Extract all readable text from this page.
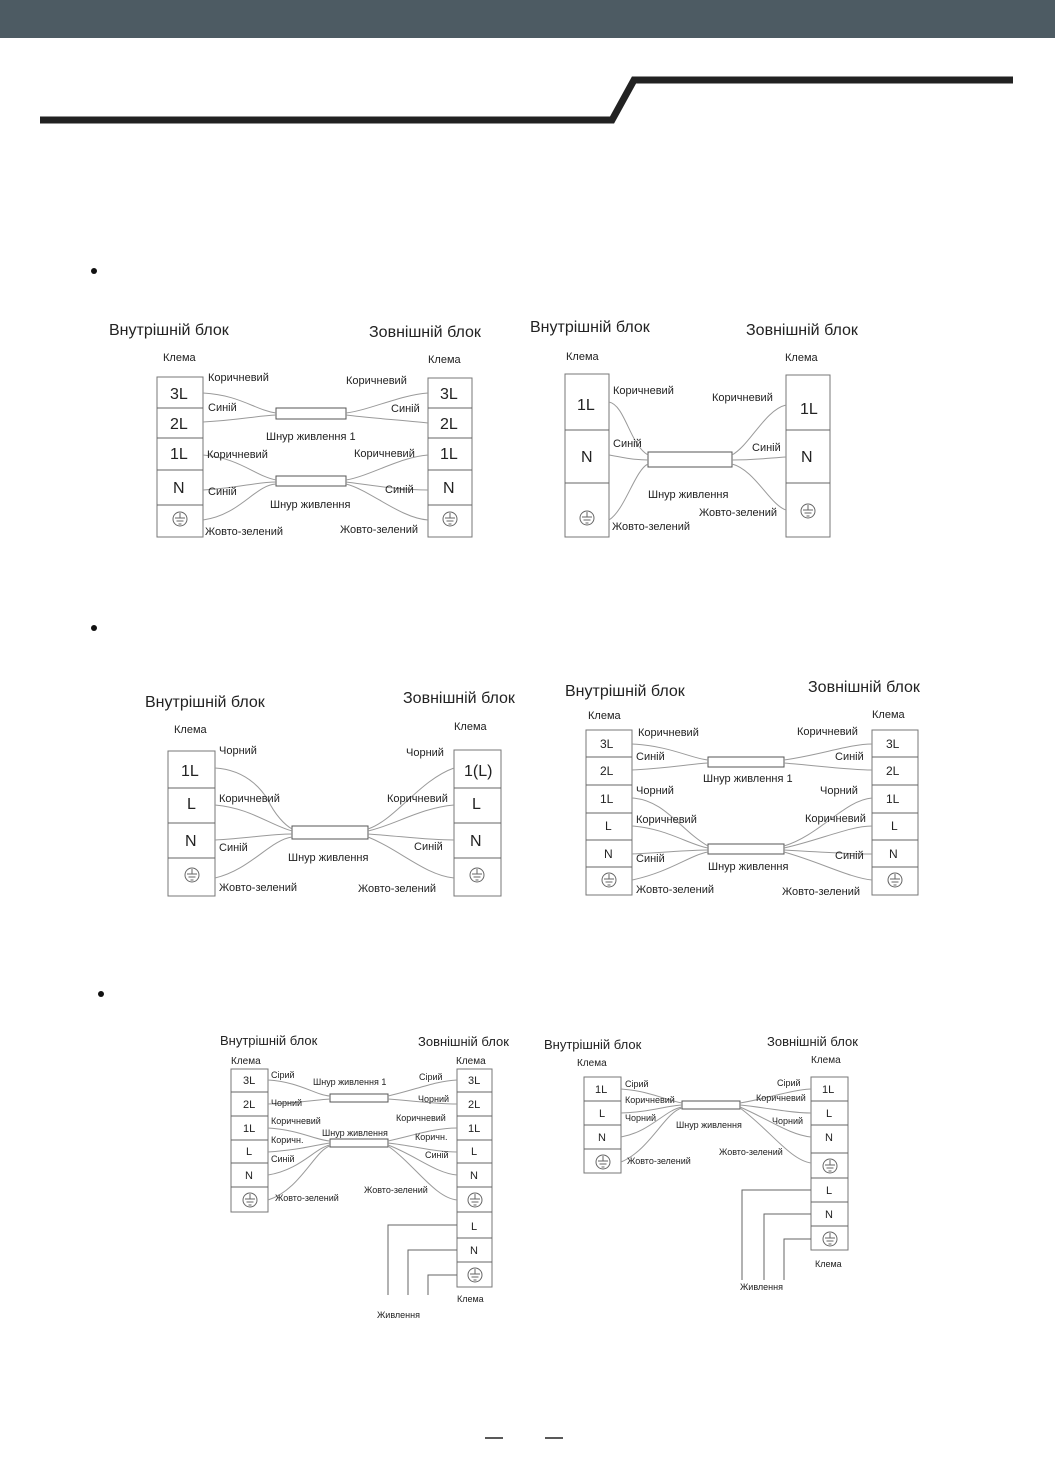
Внутрішній блок	Зовнішній блок
Клема	Клема
3L
2L
1L
N
3L
2L
1L
N
Коричневий	Коричневий
Синій	Синій
Шнур живлення 1
Коричневий	Коричневий
Синій	Синій
Шнур живлення
Жовто-зелений	Жовто-зелений
Внутрішній блок	Зовнішній блок
Клема	Клема
1L
N
1L
N
Коричневий
Коричневий
Синій	Синій
Шнур живлення
Жовто-зелений
Жовто-зелений
Внутрішній блок	Зовнішній блок
Клема	Клема
1L
L
N
1(L)
L
N
Чорний	Чорний
Коричневий	Коричневий
Синій	Синій
Шнур живлення
Жовто-зелений	Жовто-зелений
Внутрішній блок	Зовнішній блок
Клема	Клема
3L
2L
1L
L
N
3L
2L
1L
L
N
Коричневий	Коричневий
Синій	Синій
Шнур живлення 1
Чорний	Чорний
Коричневий	Коричневий
Синій	Синій
Шнур живлення
Жовто-зелений	Жовто-зелений
Внутрішній блок	Зовнішній блок
Клема	Клема
3L
2L
1L
L
N
3L
2L
1L
L
N
L
N
Сірий	Сірий
Шнур живлення 1
Чорний	Чорний
Коричневий	Коричневий
Шнур живлення
Коричн.	Коричн.
Синій	Синій
Жовто-зелений
Жовто-зелений
Клема
Живлення
Внутрішній блок	Зовнішній блок
Клема	Клема
1L
L
N
1L
L
N
L
N
Сірий	Сірий
Коричневий	Коричневий
Чорний	Чорний
Шнур живлення
Жовто-зелений
Жовто-зелений
Клема
Живлення
